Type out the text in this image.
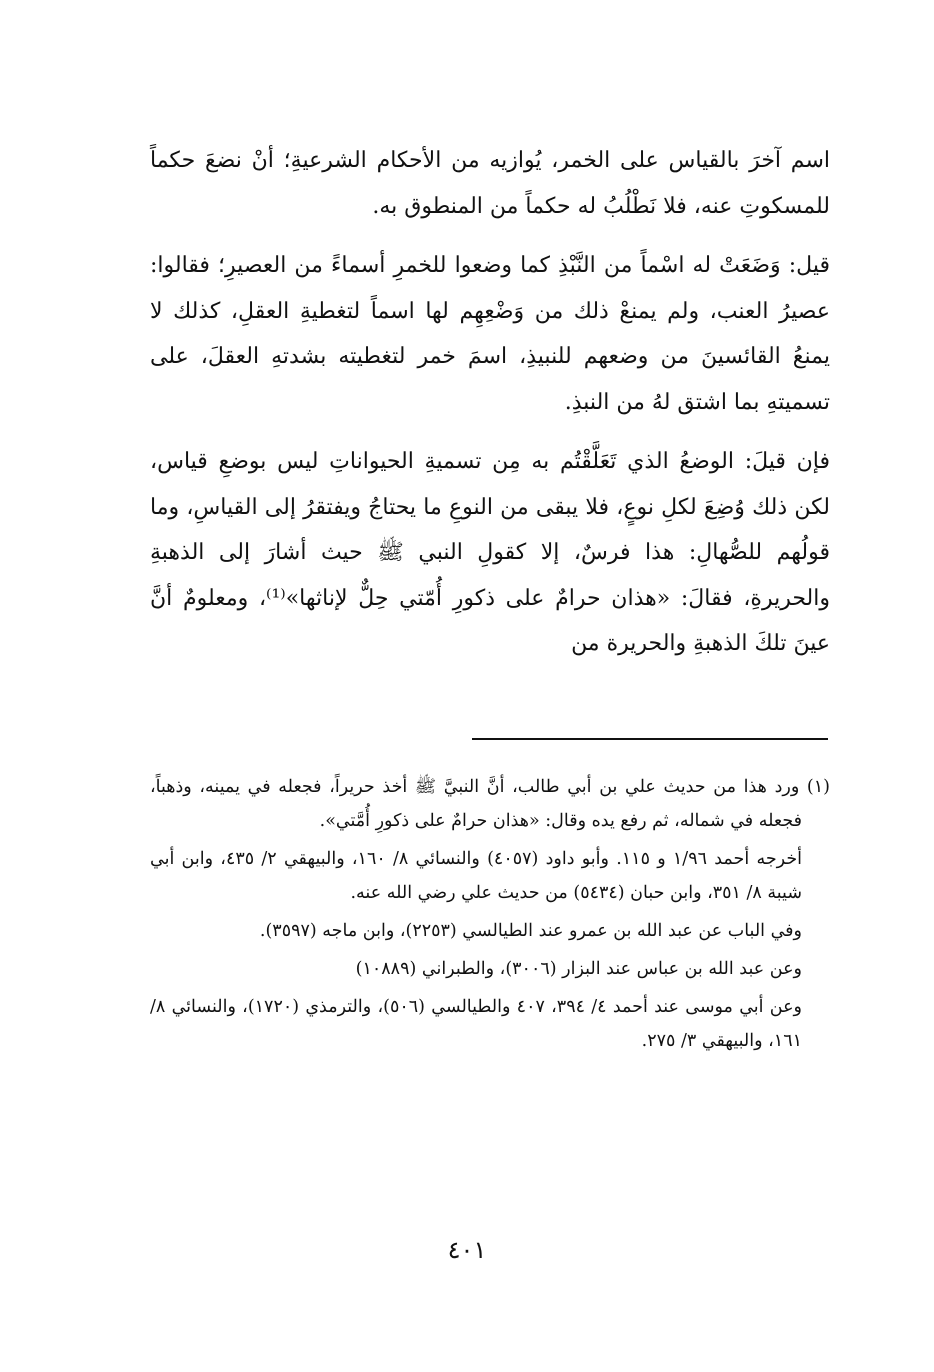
اسم آخرَ بالقياس على الخمر، يُوازيه من الأحكام الشرعيةِ؛ أنْ نضعَ حكماً للمسكوتِ عنه، فلا نَطْلُبُ له حكماً من المنطوق به.

قيل: وَضَعَتْ له اسْماً من النَّبْذِ كما وضعوا للخمرِ أسماءً من العصيرِ؛ فقالوا: عصيرُ العنب، ولم يمنعْ ذلك من وَضْعِهِم لها اسماً لتغطيةِ العقلِ، كذلك لا يمنعُ القائسينَ من وضعهم للنبيذِ، اسمَ خمر لتغطيته بشدتهِ العقلَ، على تسميتهِ بما اشتق لهُ من النبذِ.

فإن قيلَ: الوضعُ الذي تَعَلَّقْتُم به مِن تسميةِ الحيواناتِ ليس بوضعِ قياس، لكن ذلك وُضِعَ لكلِ نوعٍ، فلا يبقى من النوعِ ما يحتاجُ ويفتقرُ إلى القياسِ، وما قولُهم للصُّهالِ: هذا فرسٌ، إلا كقولِ النبي ﷺ حيث أشارَ إلى الذهبةِ والحريرةِ، فقالَ: «هذان حرامٌ على ذكورِ أُمّتي حِلٌّ لإناثها»⁽¹⁾، ومعلومٌ أنَّ عينَ تلكَ الذهبةِ والحريرة من

(١) ورد هذا من حديث علي بن أبي طالب، أنَّ النبيَّ ﷺ أخذ حريراً، فجعله في يمينه، وذهباً، فجعله في شماله، ثم رفع يده وقال: «هذان حرامٌ على ذكورِ أُمَّتي».

أخرجه أحمد ١/٩٦ و ١١٥. وأبو داود (٤٠٥٧) والنسائي ٨/ ١٦٠، والبيهقي ٢/ ٤٣٥، وابن أبي شيبة ٨/ ٣٥١، وابن حبان (٥٤٣٤) من حديث علي رضي الله عنه.

وفي الباب عن عبد الله بن عمرو عند الطيالسي (٢٢٥٣)، وابن ماجه (٣٥٩٧).

وعن عبد الله بن عباس عند البزار (٣٠٠٦)، والطبراني (١٠٨٨٩)

وعن أبي موسى عند أحمد ٤/ ٣٩٤، ٤٠٧ والطيالسي (٥٠٦)، والترمذي (١٧٢٠)، والنسائي ٨/ ١٦١، والبيهقي ٣/ ٢٧٥.

٤٠١
